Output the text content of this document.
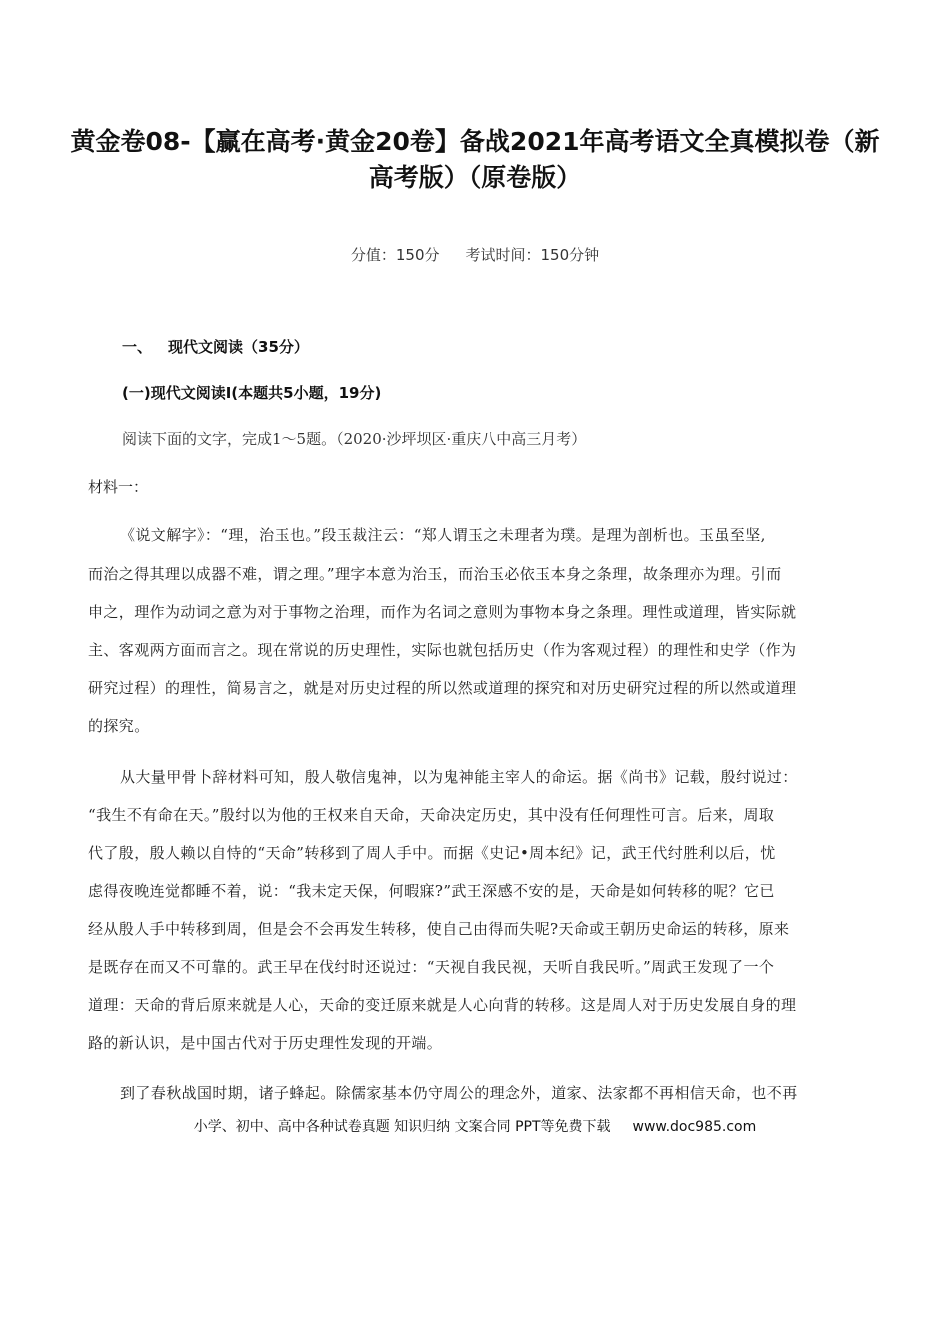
黄金卷08-【赢在高考·黄金20卷】备战2021年高考语文全真模拟卷（新
高考版）（原卷版）
分值：150分 考试时间：150分钟
一、 现代文阅读（35分）
(一)现代文阅读Ⅰ(本题共5小题，19分)
阅读下面的文字，完成1～5题。（2020·沙坪坝区·重庆八中高三月考）
材料一：
《说文解字》：“理，治玉也。”段玉裁注云：“郑人谓玉之未理者为璞。是理为剖析也。玉虽至坚,
而治之得其理以成器不难，谓之理。”理字本意为治玉，而治玉必依玉本身之条理，故条理亦为理。引而
申之，理作为动词之意为对于事物之治理，而作为名词之意则为事物本身之条理。理性或道理，皆实际就
主、客观两方面而言之。现在常说的历史理性，实际也就包括历史（作为客观过程）的理性和史学（作为
研究过程）的理性，简易言之，就是对历史过程的所以然或道理的探究和对历史研究过程的所以然或道理
的探究。
从大量甲骨卜辞材料可知，殷人敬信鬼神，以为鬼神能主宰人的命运。据《尚书》记载，殷纣说过：
“我生不有命在天。”殷纣以为他的王权来自天命，天命决定历史，其中没有任何理性可言。后来，周取
代了殷，殷人赖以自恃的“天命”转移到了周人手中。而据《史记•周本纪》记，武王代纣胜利以后，忧
虑得夜晚连觉都睡不着，说：“我未定天保，何暇寐?”武王深感不安的是，天命是如何转移的呢？它已
经从殷人手中转移到周，但是会不会再发生转移，使自己由得而失呢?天命或王朝历史命运的转移，原来
是既存在而又不可靠的。武王早在伐纣时还说过：“天视自我民视，天听自我民听。”周武王发现了一个
道理：天命的背后原来就是人心，天命的变迁原来就是人心向背的转移。这是周人对于历史发展自身的理
路的新认识，是中国古代对于历史理性发现的开端。
到了春秋战国时期，诸子蜂起。除儒家基本仍守周公的理念外，道家、法家都不再相信天命，也不再
小学、初中、高中各种试卷真题 知识归纳 文案合同 PPT等免费下载 www.doc985.com
